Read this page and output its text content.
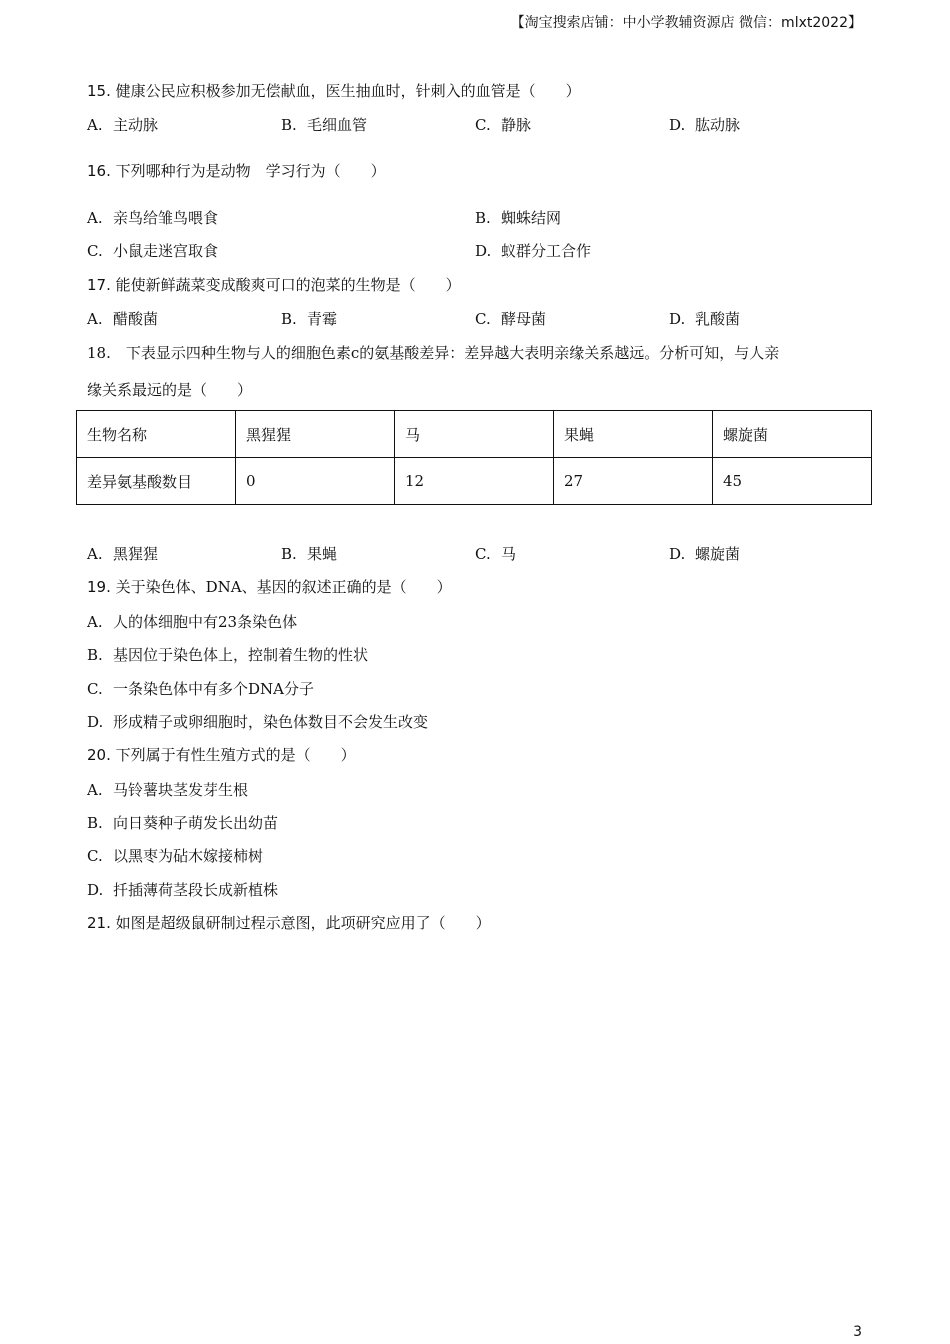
【淘宝搜索店铺：中小学教辅资源店 微信：mlxt2022】
15. 健康公民应积极参加无偿献血，医生抽血时，针刺入的血管是（　　）
A. 主动脉	B. 毛细血管	C. 静脉	D. 肱动脉
16. 下列哪种行为是动物　学习行为（　　）
A. 亲鸟给雏鸟喂食	B. 蜘蛛结网
C. 小鼠走迷宫取食	D. 蚁群分工合作
17. 能使新鲜蔬菜变成酸爽可口的泡菜的生物是（　　）
A. 醋酸菌	B. 青霉	C. 酵母菌	D. 乳酸菌
18.　下表显示四种生物与人的细胞色素c的氨基酸差异：差异越大表明亲缘关系越远。分析可知，与人亲
缘关系最远的是（　　）
生物名称	黑猩猩	马	果蝇	螺旋菌
差异氨基酸数目	0	12	27	45
A. 黑猩猩	B. 果蝇	C. 马	D. 螺旋菌
19. 关于染色体、DNA、基因的叙述正确的是（　　）
A. 人的体细胞中有23条染色体
B. 基因位于染色体上，控制着生物的性状
C. 一条染色体中有多个DNA分子
D. 形成精子或卵细胞时，染色体数目不会发生改变
20. 下列属于有性生殖方式的是（　　）
A. 马铃薯块茎发芽生根
B. 向日葵种子萌发长出幼苗
C. 以黑枣为砧木嫁接柿树
D. 扦插薄荷茎段长成新植株
21. 如图是超级鼠研制过程示意图，此项研究应用了（　　）
3
